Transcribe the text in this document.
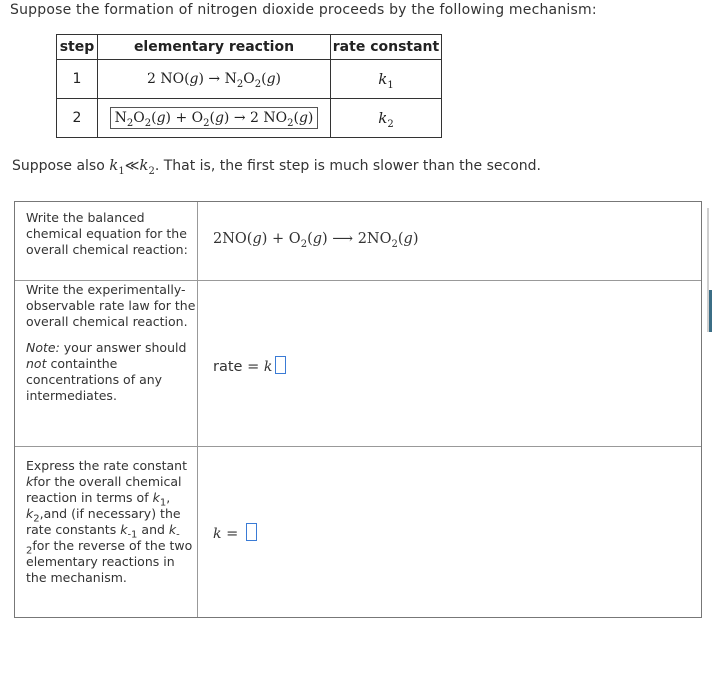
Suppose the formation of nitrogen dioxide proceeds by the following mechanism:
step	elementary reaction	rate constant
1	2 $NO(g) \to N_2O_2(g)$	$k_1$
2	$N_2O_2(g) + O_2(g) \to 2$ $NO_2(g)$	$k_2$
Suppose also $k_1≪k_2$. That is, the first step is much slower than the second.
Write the balanced chemical equation for the overall chemical reaction:
$2NO(g) + O_2(g)$ ⟶ $2NO_2(g)$
Write the experimentally-observable rate law for the overall chemical reaction.
Note: your answer should not containthe concentrations of any intermediates.
rate = k
Express the rate constant kfor the overall chemical reaction in terms of $k_1$, $k_2,and$ (if necessary) the rate constants $k_{-1}$ and $k_{-2}for$ the reverse of the two elementary reactions in the mechanism.
k =
